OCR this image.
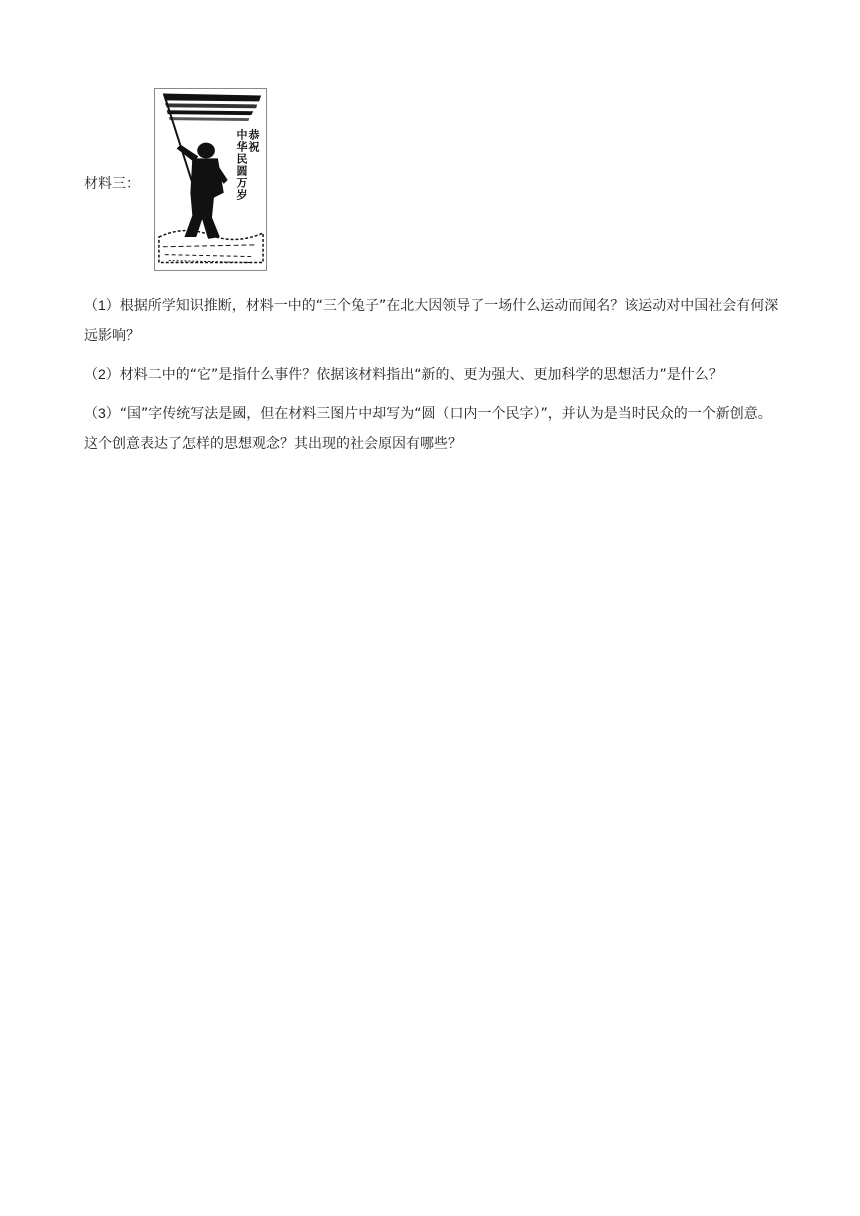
材料三：
恭祝
中华民圆万岁

（1）根据所学知识推断，材料一中的“三个兔子”在北大因领导了一场什么运动而闻名？该运动对中国社会有何深远影响？

（2）材料二中的“它”是指什么事件？依据该材料指出“新的、更为强大、更加科学的思想活力”是什么？

（3）“国”字传统写法是國，但在材料三图片中却写为“圆（口内一个民字）”，并认为是当时民众的一个新创意。这个创意表达了怎样的思想观念？其出现的社会原因有哪些？
